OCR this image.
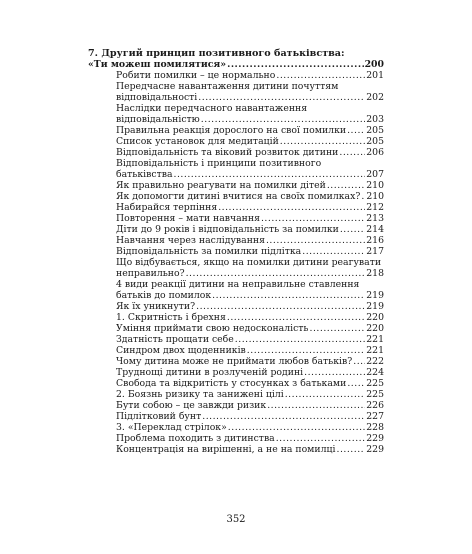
7. Другий принцип позитивного батьківства:
«Ти можеш помилятися» .....	200
Робити помилки – це нормально .....	201
Передчасне навантаження дитини почуттям
відповідальності .....	202
Наслідки передчасного навантаження
відповідальністю .....	203
Правильна реакція дорослого на свої помилки ..... 205
Список установок для медитацій .....	205
Відповідальність та віковий розвиток дитини .....	206
Відповідальність і принципи позитивного
батьківства .....	207
Як правильно реагувати на помилки дітей .....	210
Як допомогти дитині вчитися на своїх помилках? ..... 210
Набирайся терпіння .....	212
Повторення – мати навчання .....	213
Діти до 9 років і відповідальність за помилки .....	214
Навчання через наслідування .....	216
Відповідальність за помилки підлітка .....	217
Що відбувається, якщо на помилки дитини реагувати
неправильно? .....	218
4 види реакції дитини на неправильне ставлення
батьків до помилок .....	219
Як їх уникнути? .....	219
1. Скритність і брехня .....	220
Уміння приймати свою недосконалість .....	220
Здатність прощати себе .....	221
Синдром двох щоденників .....	221
Чому дитина може не приймати любов батьків? ..... 222
Труднощі дитини в розлученій родині .....	224
Свобода та відкритість у стосунках з батьками ..... 225
2. Боязнь ризику та занижені цілі .....	225
Бути собою – це завжди ризик .....	226
Підлітковий бунт .....	227
3. «Переклад стрілок» .....	228
Проблема походить з дитинства .....	229
Концентрація на вирішенні, а не на помилці .....	229
352
